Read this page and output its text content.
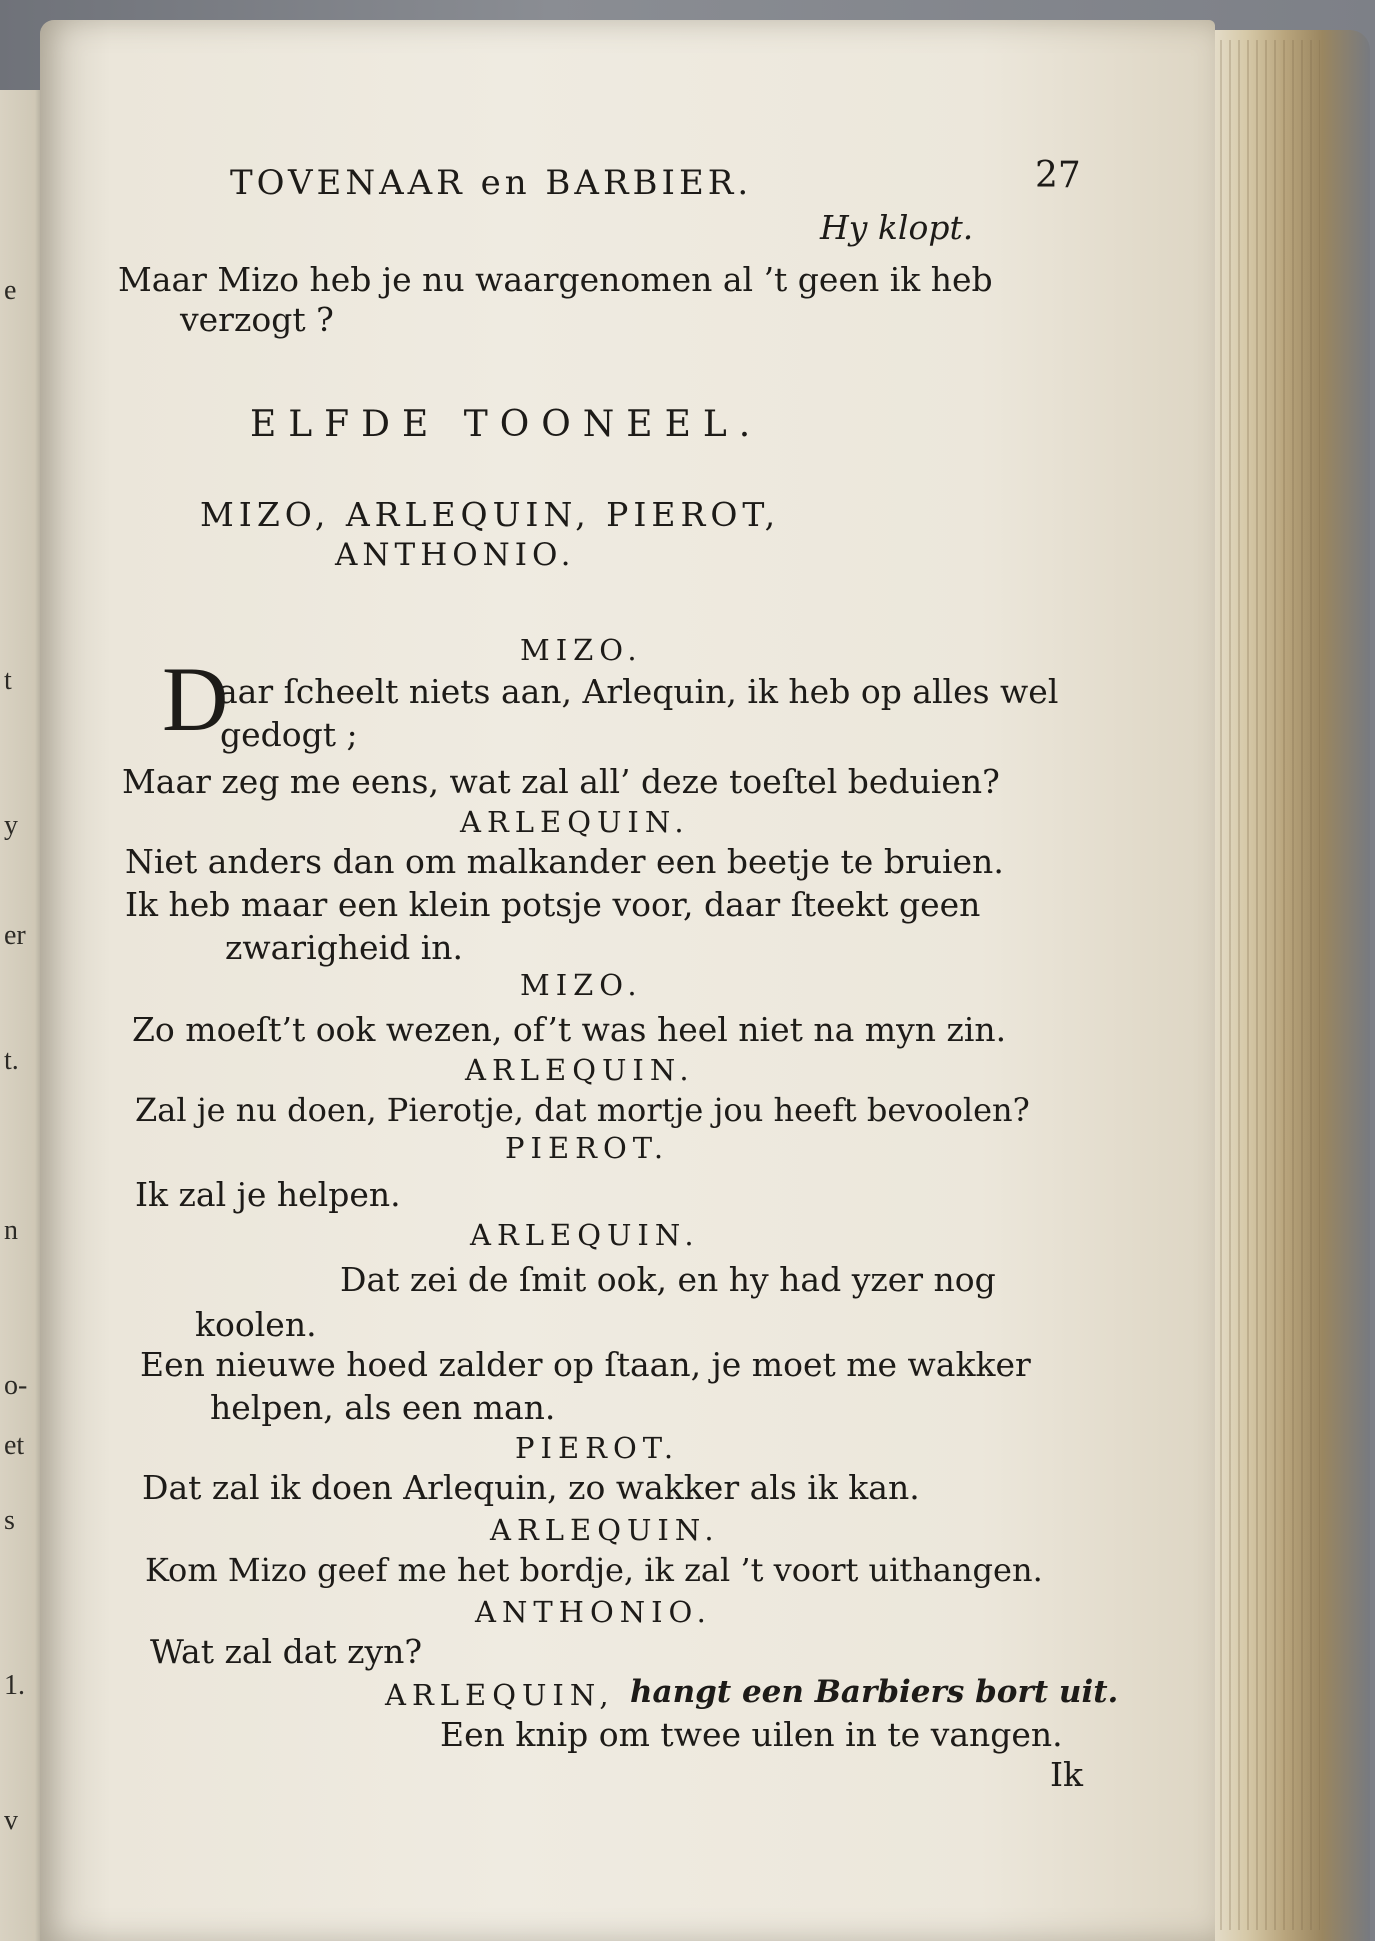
e
t
y
er
t.
n
o-
et
s
1.
v
TOVENAAR en BARBIER.	27
Hy klopt.
Maar Mizo heb je nu waargenomen al ’t geen ik heb
verzogt ?
ELFDE TOONEEL.
MIZO, ARLEQUIN, PIEROT,
ANTHONIO.
MIZO.
D
aar ſcheelt niets aan, Arlequin, ik heb op alles wel
gedogt ;
Maar zeg me eens, wat zal all’ deze toeſtel beduien?
ARLEQUIN.
Niet anders dan om malkander een beetje te bruien.
Ik heb maar een klein potsje voor, daar ſteekt geen
zwarigheid in.
MIZO.
Zo moeſt’t ook wezen, of’t was heel niet na myn zin.
ARLEQUIN.
Zal je nu doen, Pierotje, dat mortje jou heeft bevoolen?
PIEROT.
Ik zal je helpen.
ARLEQUIN.
Dat zei de ſmit ook, en hy had yzer nog
koolen.
Een nieuwe hoed zalder op ſtaan, je moet me wakker
helpen, als een man.
PIEROT.
Dat zal ik doen Arlequin, zo wakker als ik kan.
ARLEQUIN.
Kom Mizo geef me het bordje, ik zal ’t voort uithangen.
ANTHONIO.
Wat zal dat zyn?
ARLEQUIN, hangt een Barbiers bort uit.
Een knip om twee uilen in te vangen.
Ik
